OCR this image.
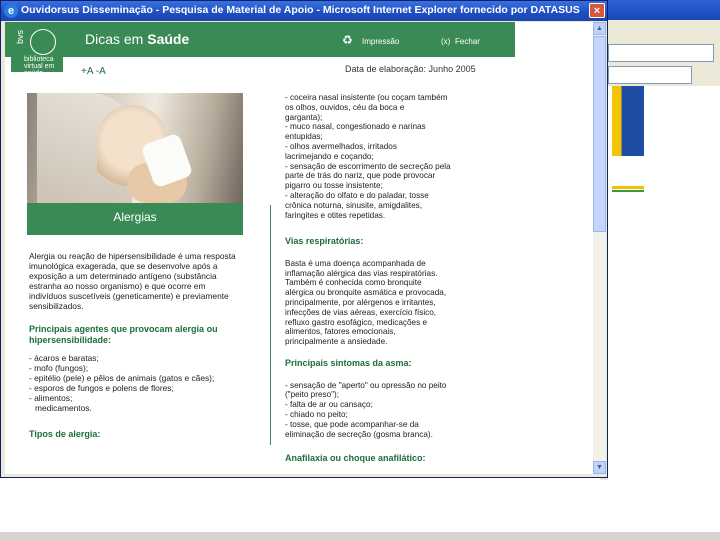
e Ouvidorsus Disseminação - Pesquisa de Material de Apoio - Microsoft Internet Explorer fornecido por DATASUS	×
bvs
biblioteca
virtual em saúde
Dicas em Saúde	♻ Impressão	(x) Fechar
+A -A	Data de elaboração: Junho 2005
Alergias

Alergia ou reação de hipersensibilidade é uma resposta imunológica exagerada, que se desenvolve após a exposição a um determinado antígeno (substância estranha ao nosso organismo) e que ocorre em indivíduos suscetíveis (geneticamente) e previamente sensibilizados.

Principais agentes que provocam alergia ou hipersensibilidade:

- ácaros e baratas;

- mofo (fungos);

- epitélio (pele) e pêlos de animais (gatos e cães);

- esporos de fungos e polens de flores;

- alimentos;

medicamentos.

Tipos de alergia:

- coceira nasal insistente (ou coçam também

os olhos, ouvidos, céu da boca e

garganta);

- muco nasal, congestionado e narinas

entupidas;

- olhos avermelhados, irritados

lacrimejando e coçando;

- sensação de escorrimento de secreção pela

parte de trás do nariz, que pode provocar

pigarro ou tosse insistente;

- alteração do olfato e do paladar, tosse

crônica noturna, sinusite, amigdalites,

faringites e otites repetidas.

Vias respiratórias:

Basta é uma doença acompanhada de

inflamação alérgica das vias respiratórias.

Também é conhecida como bronquite

alérgica ou bronquite asmática e provocada,

principalmente, por alérgenos e irritantes,

infecções de vias aéreas, exercício físico,

refluxo gastro esofágico, medicações e

alimentos, fatores emocionais,

principalmente a ansiedade.

Principais sintomas da asma:

- sensação de "aperto" ou opressão no peito

("peito preso");

- falta de ar ou cansaço;

- chiado no peito;

- tosse, que pode acompanhar-se da

eliminação de secreção (gosma branca).

Anafilaxia ou choque anafilático:

▲
▼
